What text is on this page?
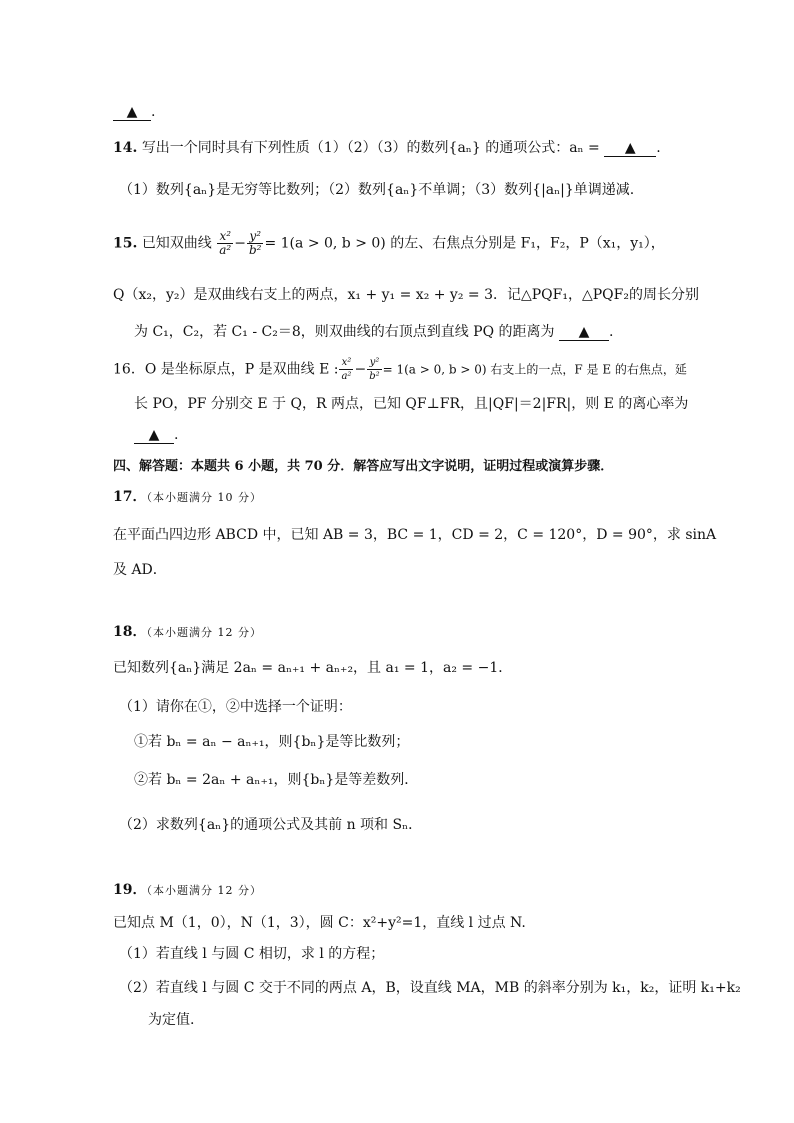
▲ .
14. 写出一个同时具有下列性质（1）（2）（3）的数列{aₙ} 的通项公式：aₙ = ▲ .
（1）数列{aₙ}是无穷等比数列；（2）数列{aₙ}不单调；（3）数列{|aₙ|}单调递减.
15. 已知双曲线 $\frac{\text{x²}}{\text{a²}} - \frac{\text{y²}}{\text{b²}} = 1(a > 0$, b > 0) 的左、右焦点分别是 F₁，F₂，P（x₁，y₁），
Q（x₂，y₂）是双曲线右支上的两点，x₁ + y₁ = x₂ + y₂ = 3．记△PQF₁，△PQF₂的周长分别
为 C₁，C₂，若 C₁ - C₂＝8，则双曲线的右顶点到直线 PQ 的距离为 ▲ .
16．O 是坐标原点，P 是双曲线 E : $\frac{\text{x²}}{\text{a²}} - \frac{\text{y²}}{\text{b²}} = 1(a > 0$, b > 0) 右支上的一点，F 是 E 的右焦点，延
长 PO，PF 分别交 E 于 Q，R 两点，已知 QF⊥FR，且|QF|＝2|FR|，则 E 的离心率为
▲ .
四、解答题：本题共 6 小题，共 70 分．解答应写出文字说明，证明过程或演算步骤．
17．（本小题满分 10 分）
在平面凸四边形 ABCD 中，已知 AB = 3，BC = 1，CD = 2，C = 120°，D = 90°，求 sinA
及 AD．
18．（本小题满分 12 分）
已知数列{aₙ}满足 2aₙ = aₙ₊₁ + aₙ₊₂，且 a₁ = 1，a₂ = −1．
（1）请你在①，②中选择一个证明：
①若 bₙ = aₙ − aₙ₊₁，则{bₙ}是等比数列；
②若 bₙ = 2aₙ + aₙ₊₁，则{bₙ}是等差数列．
（2）求数列{aₙ}的通项公式及其前 n 项和 Sₙ．
19．（本小题满分 12 分）
已知点 M（1，0），N（1，3），圆 C：x²+y²=1，直线 l 过点 N.
（1）若直线 l 与圆 C 相切，求 l 的方程；
（2）若直线 l 与圆 C 交于不同的两点 A，B，设直线 MA，MB 的斜率分别为 k₁，k₂，证明 k₁+k₂
为定值.
